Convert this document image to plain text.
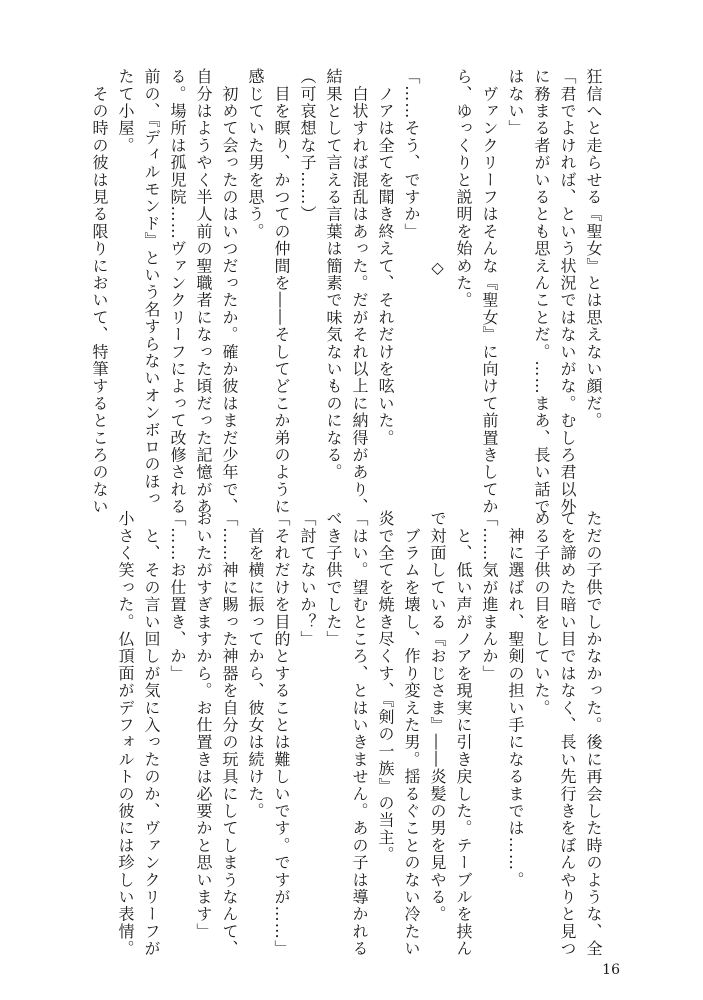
狂信へと走らせる『聖女』とは思えない顔だ。
「君でよければ、という状況ではないがな。むしろ君以外
に務まる者がいるとも思えんことだ。……まあ、長い話で
はない」
　ヴァンクリーフはそんな『聖女』に向けて前置きしてか
ら、ゆっくりと説明を始めた。
◇
「……そう、ですか」
　ノアは全てを聞き終えて、それだけを呟いた。
　白状すれば混乱はあった。だがそれ以上に納得があり、
結果として言える言葉は簡素で味気ないものになる。
（可哀想な子……）
　目を瞑り、かつての仲間を――そしてどこか弟のように
感じていた男を思う。
　初めて会ったのはいつだったか。確か彼はまだ少年で、
自分はようやく半人前の聖職者になった頃だった記憶があ
る。場所は孤児院……ヴァンクリーフによって改修される
前の、『ディルモンド』という名すらないオンボロのほっ
たて小屋。
　その時の彼は見る限りにおいて、特筆するところのない
ただの子供でしかなかった。後に再会した時のような、全
てを諦めた暗い目ではなく、長い先行きをぼんやりと見つ
める子供の目をしていた。
　神に選ばれ、聖剣の担い手になるまでは……。
「……気が進まんか」
　と、低い声がノアを現実に引き戻した。テーブルを挟ん
で対面している『おじさま』――炎髪の男を見やる。
　ブラムを壊し、作り変えた男。揺るぐことのない冷たい
炎で全てを焼き尽くす、『剣の一族』の当主。
「はい。望むところ、とはいきません。あの子は導かれる
べき子供でした」
「討てないか？」
「それだけを目的とすることは難しいです。ですが……」
　首を横に振ってから、彼女は続けた。
「……神に賜った神器を自分の玩具にしてしまうなんて、
おいたがすぎますから。お仕置きは必要かと思います」
「……お仕置き、か」
　と、その言い回しが気に入ったのか、ヴァンクリーフが
小さく笑った。仏頂面がデフォルトの彼には珍しい表情。
16
